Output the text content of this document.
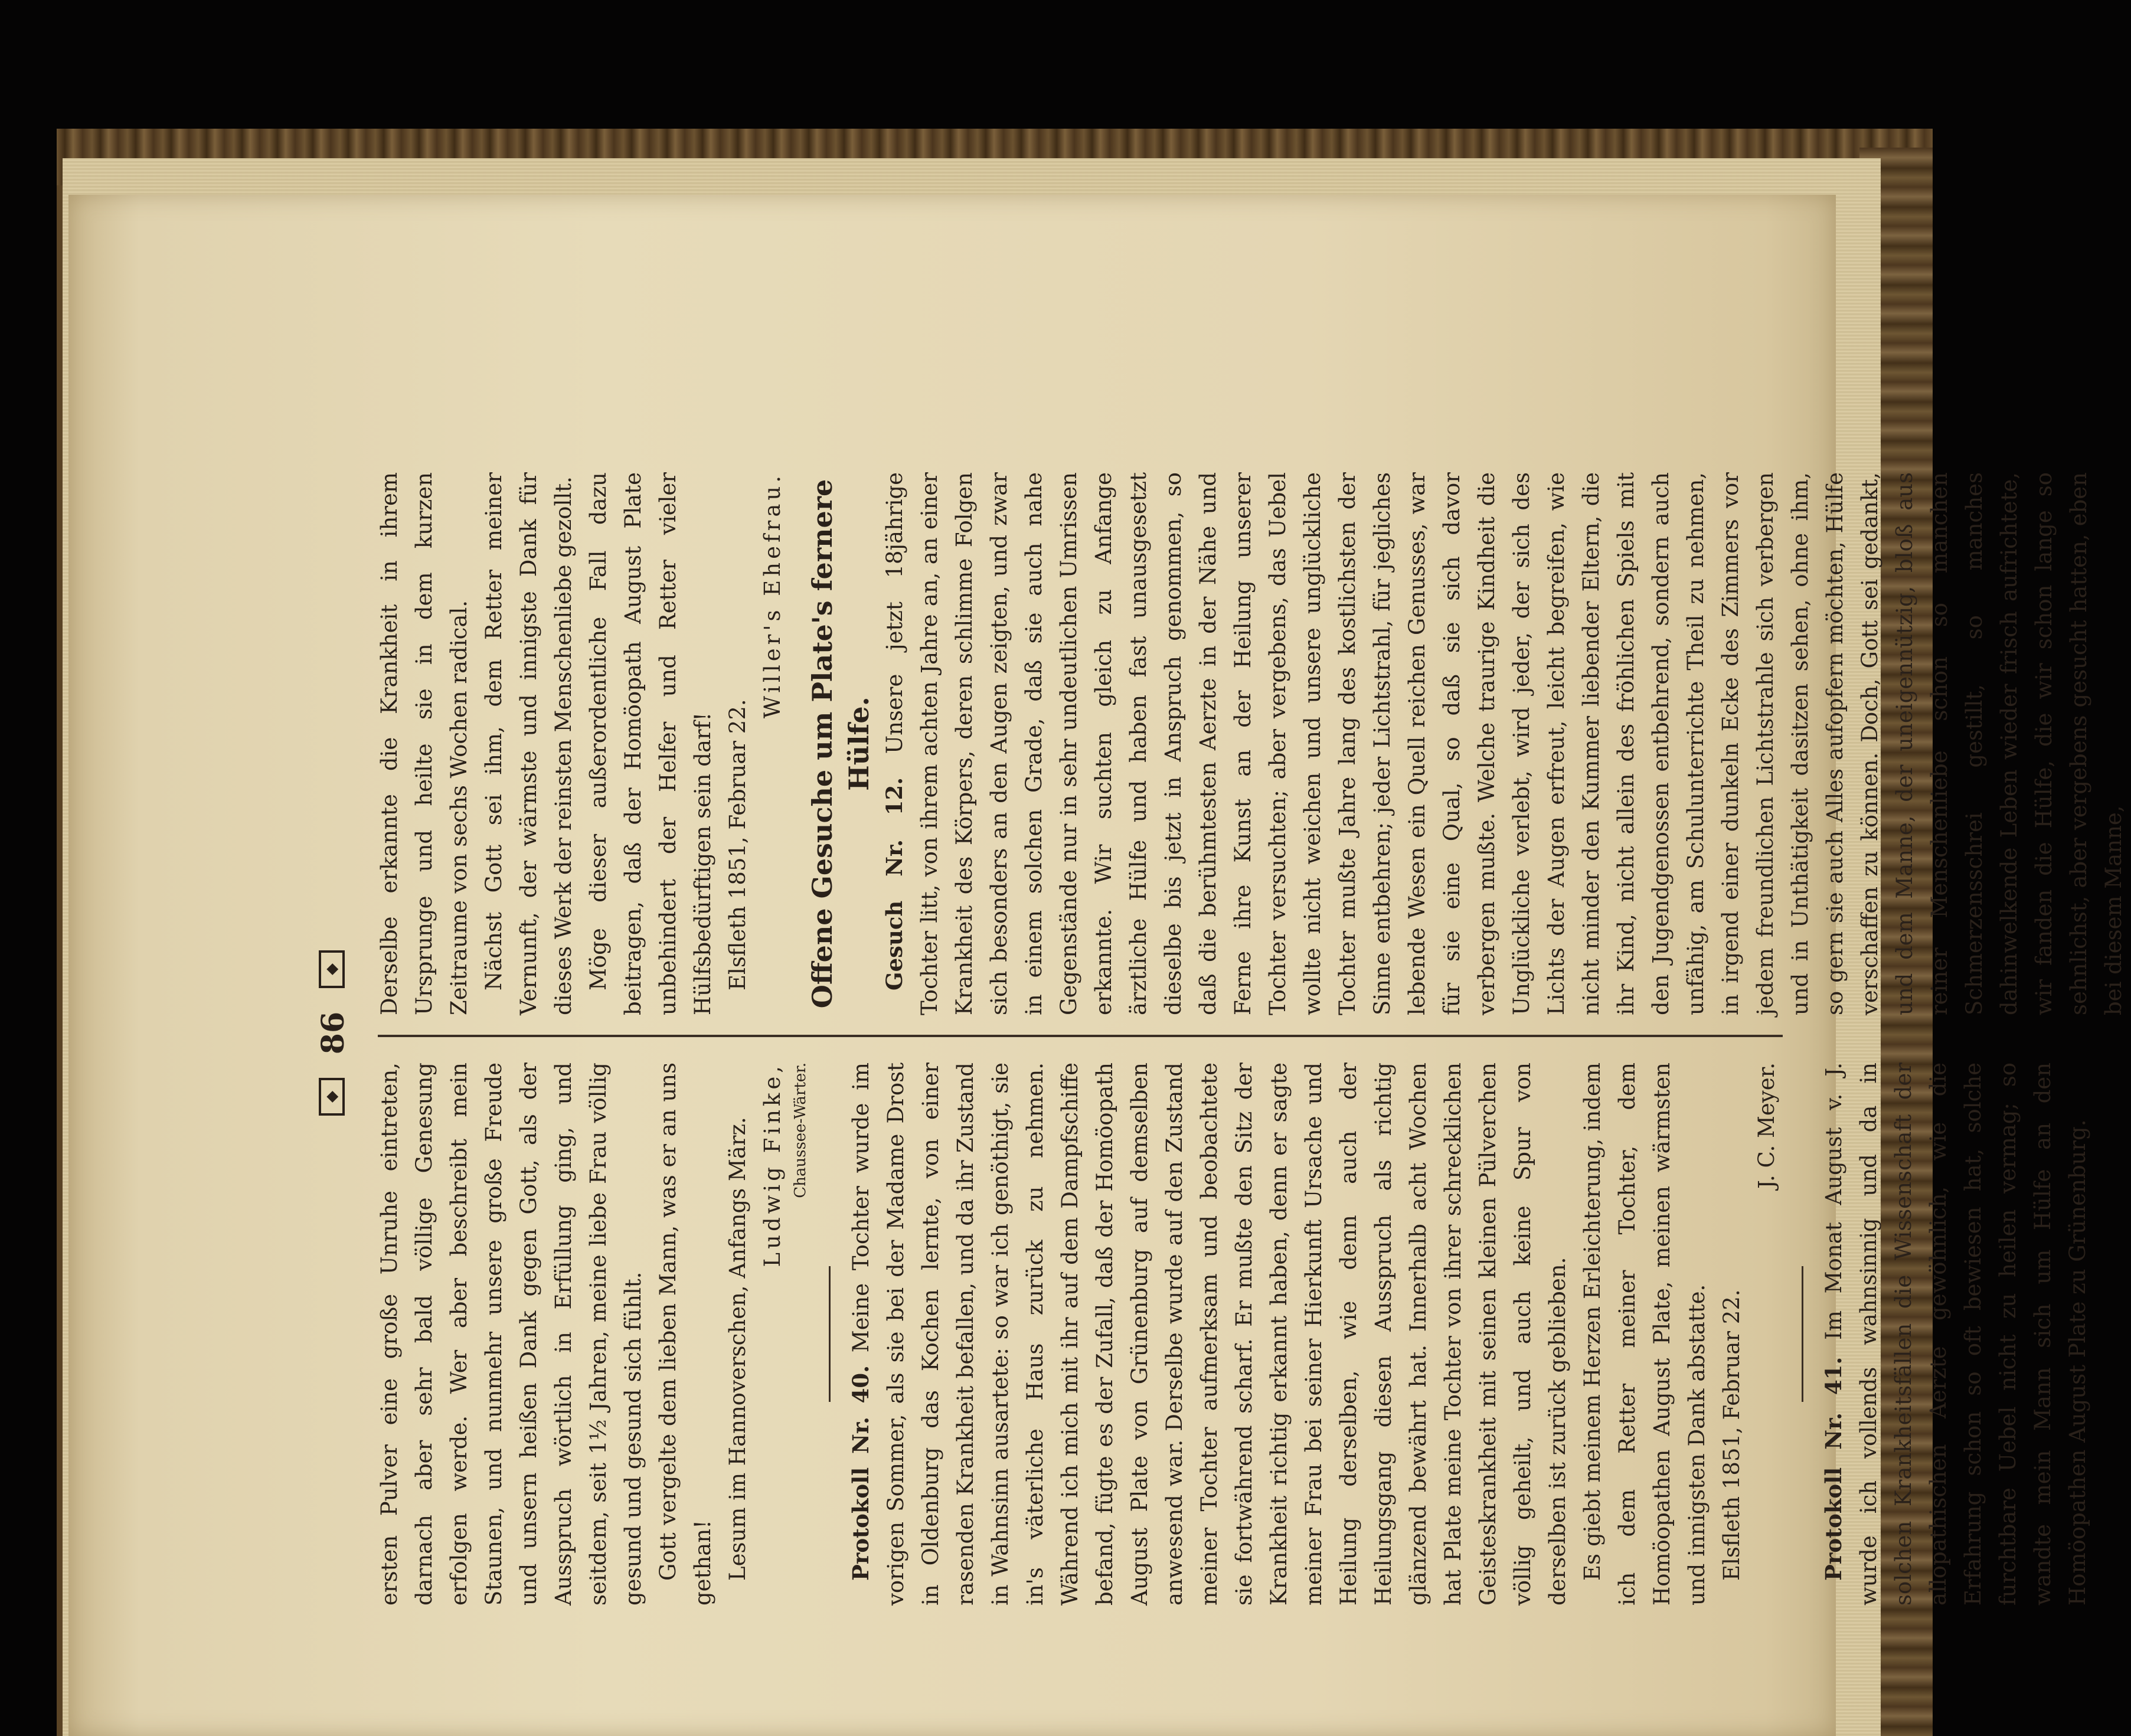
◆
86
◆

ersten Pulver eine große Unruhe eintreten, darnach aber sehr bald völlige Genesung erfolgen werde. Wer aber beschreibt mein Staunen, und nunmehr unsere große Freude und unsern heißen Dank gegen Gott, als der Ausspruch wörtlich in Erfüllung ging, und seitdem, seit 1½ Jahren, meine liebe Frau völlig gesund und gesund sich fühlt. Gott vergelte dem lieben Mann, was er an uns gethan! Lesum im Hannoverschen, Anfangs März. Ludwig Finke, Chaussee-Wärter.

Protokoll Nr. 40. Meine Tochter wurde im vorigen Sommer, als sie bei der Madame Drost in Oldenburg das Kochen lernte, von einer rasenden Krankheit befallen, und da ihr Zustand in Wahnsinn ausartete: so war ich genöthigt, sie in's väterliche Haus zurück zu nehmen. Während ich mich mit ihr auf dem Dampfschiffe befand, fügte es der Zufall, daß der Homöopath August Plate von Grünenburg auf demselben anwesend war. Derselbe wurde auf den Zustand meiner Tochter aufmerksam und beobachtete sie fortwährend scharf. Er mußte den Sitz der Krankheit richtig erkannt haben, denn er sagte meiner Frau bei seiner Hierkunft Ursache und Heilung derselben, wie denn auch der Heilungsgang diesen Ausspruch als richtig glänzend bewährt hat. Innerhalb acht Wochen hat Plate meine Tochter von ihrer schrecklichen Geisteskrankheit mit seinen kleinen Pülverchen völlig geheilt, und auch keine Spur von derselben ist zurück geblieben. Es giebt meinem Herzen Erleichterung, indem ich dem Retter meiner Tochter, dem Homöopathen August Plate, meinen wärmsten und innigsten Dank abstatte. Elsfleth 1851, Februar 22.

J. C. Meyer.

Protokoll Nr. 41. Im Monat August v. J. wurde ich vollends wahnsinnig und da in solchen Krankheitsfällen die Wissenschaft der allopathischen Aerzte gewöhnlich, wie die Erfahrung schon so oft bewiesen hat, solche furchtbare Uebel nicht zu heilen vermag; so wandte mein Mann sich um Hülfe an den Homöopathen August Plate zu Grünenburg.

Derselbe erkannte die Krankheit in ihrem Ursprunge und heilte sie in dem kurzen Zeitraume von sechs Wochen radical. Nächst Gott sei ihm, dem Retter meiner Vernunft, der wärmste und innigste Dank für dieses Werk der reinsten Menschenliebe gezollt. Möge dieser außerordentliche Fall dazu beitragen, daß der Homöopath August Plate unbehindert der Helfer und Retter vieler Hülfsbedürftigen sein darf! Elsfleth 1851, Februar 22.

Willer's Ehefrau. Offene Gesuche um Plate's fernere Hülfe.

Gesuch Nr. 12. Unsere jetzt 18jährige Tochter litt, von ihrem achten Jahre an, an einer Krankheit des Körpers, deren schlimme Folgen sich besonders an den Augen zeigten, und zwar in einem solchen Grade, daß sie auch nahe Gegenstände nur in sehr undeutlichen Umrissen erkannte. Wir suchten gleich zu Anfange ärztliche Hülfe und haben fast unausgesetzt dieselbe bis jetzt in Anspruch genommen, so daß die berühmtesten Aerzte in der Nähe und Ferne ihre Kunst an der Heilung unserer Tochter versuchten; aber vergebens, das Uebel wollte nicht weichen und unsere unglückliche Tochter mußte Jahre lang des kostlichsten der Sinne entbehren; jeder Lichtstrahl, für jegliches lebende Wesen ein Quell reichen Genusses, war für sie eine Qual, so daß sie sich davor verbergen mußte. Welche traurige Kindheit die Unglückliche verlebt, wird jeder, der sich des Lichts der Augen erfreut, leicht begreifen, wie nicht minder den Kummer liebender Eltern, die ihr Kind, nicht allein des fröhlichen Spiels mit den Jugendgenossen entbehrend, sondern auch unfähig, am Schulunterrichte Theil zu nehmen, in irgend einer dunkeln Ecke des Zimmers vor jedem freundlichen Lichtstrahle sich verbergen und in Unthätigkeit dasitzen sehen, ohne ihm, so gern sie auch Alles aufopfern möchten, Hülfe verschaffen zu können. Doch, Gott sei gedankt, und dem Manne, der uneigennützig, bloß aus reiner Menschenliebe schon so manchen Schmerzensschrei gestillt, so manches dahinwelkende Leben wieder frisch aufrichtete, wir fanden die Hülfe, die wir schon lange so sehnlichst, aber vergebens gesucht hatten, eben bei diesem Manne,
